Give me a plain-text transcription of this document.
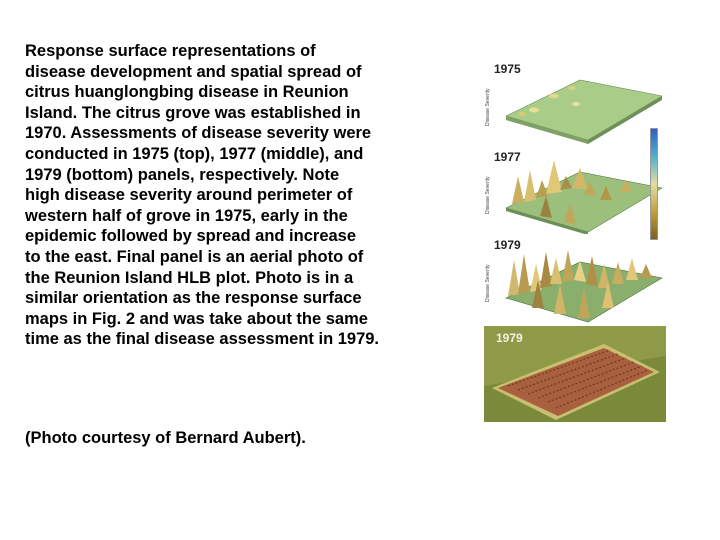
Response surface representations of
disease development and spatial spread of
citrus huanglongbing disease in Reunion
Island. The citrus grove was established in
1970. Assessments of disease severity were
conducted in 1975 (top), 1977 (middle), and
1979 (bottom) panels, respectively. Note
high disease severity around perimeter of
western half of grove in 1975, early in the
epidemic followed by spread and increase
to the east. Final panel is an aerial photo of
the Reunion Island HLB plot. Photo is in a
similar orientation as the response surface
maps in Fig. 2 and was take about the same
time as the final disease assessment in 1979.
(Photo courtesy of Bernard Aubert).
1975
Disease Severity
1977
Disease Severity
1979
Disease Severity
1979
